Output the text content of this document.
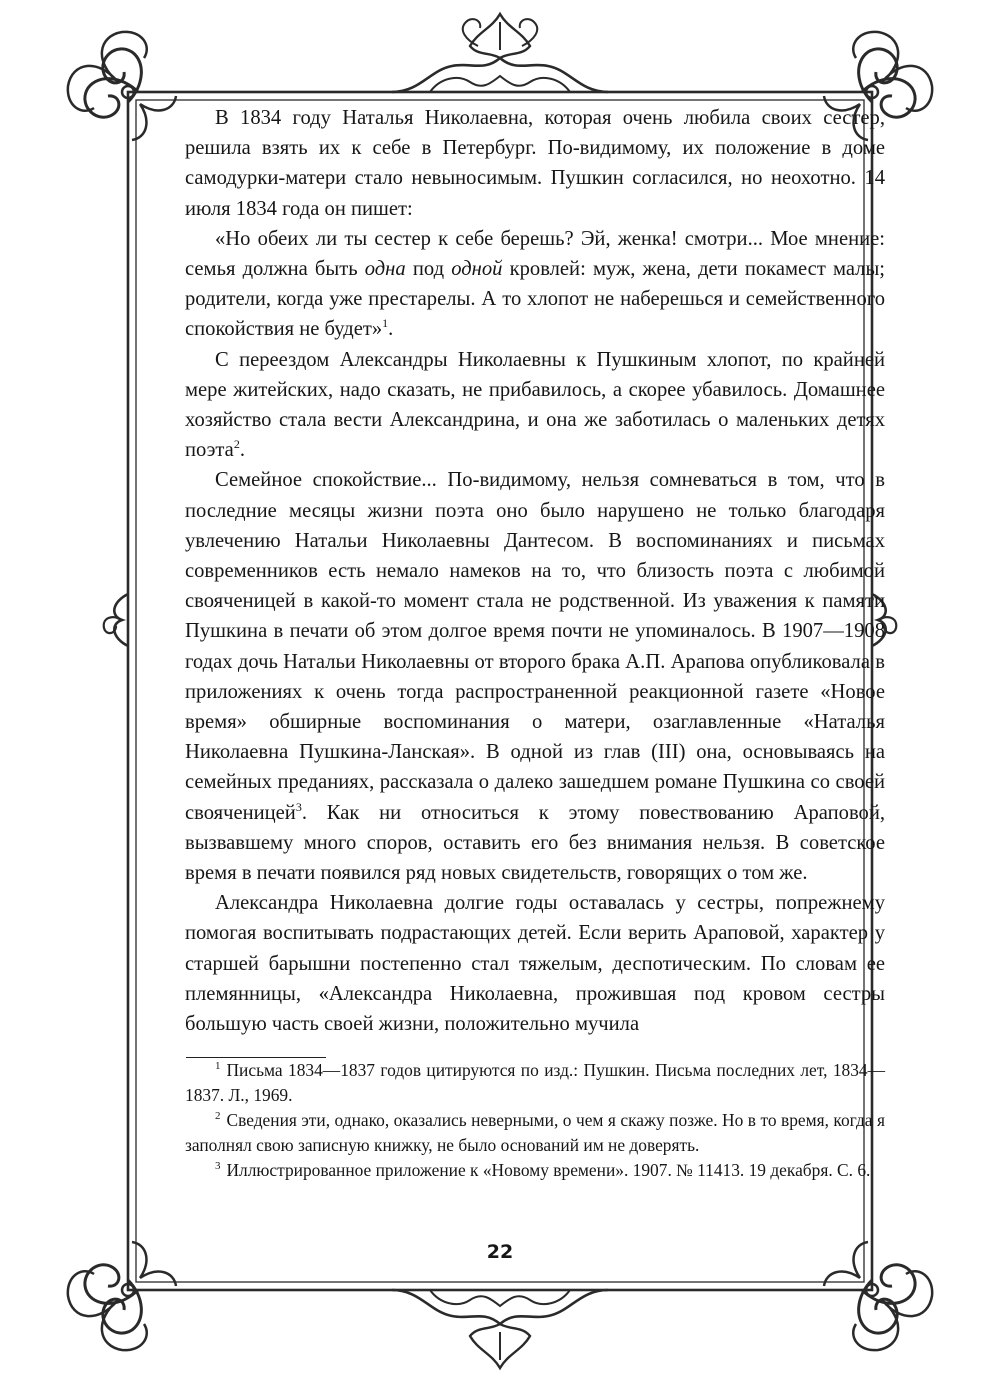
В 1834 году Наталья Николаевна, которая очень любила своих сестер, решила взять их к себе в Петербург. По-видимому, их положение в доме самодурки-матери стало невыносимым. Пушкин согласился, но неохотно. 14 июля 1834 года он пишет:

«Но обеих ли ты сестер к себе берешь? Эй, женка! смотри... Мое мнение: семья должна быть одна под одной кровлей: муж, жена, дети покамест малы; родители, когда уже престарелы. А то хлопот не наберешься и семейственного спокойствия не будет»$^1$.

С переездом Александры Николаевны к Пушкиным хлопот, по крайней мере житейских, надо сказать, не прибавилось, а скорее убавилось. Домашнее хозяйство стала вести Александрина, и она же заботилась о маленьких детях поэта$^2$.

Семейное спокойствие... По-видимому, нельзя сомневаться в том, что в последние месяцы жизни поэта оно было нарушено не только благодаря увлечению Натальи Николаевны Дантесом. В воспоминаниях и письмах современников есть немало намеков на то, что близость поэта с любимой свояченицей в какой-то момент стала не родственной. Из уважения к памяти Пушкина в печати об этом долгое время почти не упоминалось. В 1907—1908 годах дочь Натальи Николаевны от второго брака А.П. Арапова опубликовала в приложениях к очень тогда распространенной реакционной газете «Новое время» обширные воспоминания о матери, озаглавленные «Наталья Николаевна Пушкина-Ланская». В одной из глав (III) она, основываясь на семейных преданиях, рассказала о далеко зашедшем романе Пушкина со своей свояченицей$^3$. Как ни относиться к этому повествованию Араповой, вызвавшему много споров, оставить его без внимания нельзя. В советское время в печати появился ряд новых свидетельств, говорящих о том же.

Александра Николаевна долгие годы оставалась у сестры, попрежнему помогая воспитывать подрастающих детей. Если верить Араповой, характер у старшей барышни постепенно стал тяжелым, деспотическим. По словам ее племянницы, «Александра Николаевна, прожившая под кровом сестры большую часть своей жизни, положительно мучила

$^1$ Письма 1834—1837 годов цитируются по изд.: Пушкин. Письма последних лет, 1834—1837. Л., 1969.

$^2$ Сведения эти, однако, оказались неверными, о чем я скажу позже. Но в то время, когда я заполнял свою записную книжку, не было оснований им не доверять.

$^3$ Иллюстрированное приложение к «Новому времени». 1907. № 11413. 19 декабря. С. 6.

22
